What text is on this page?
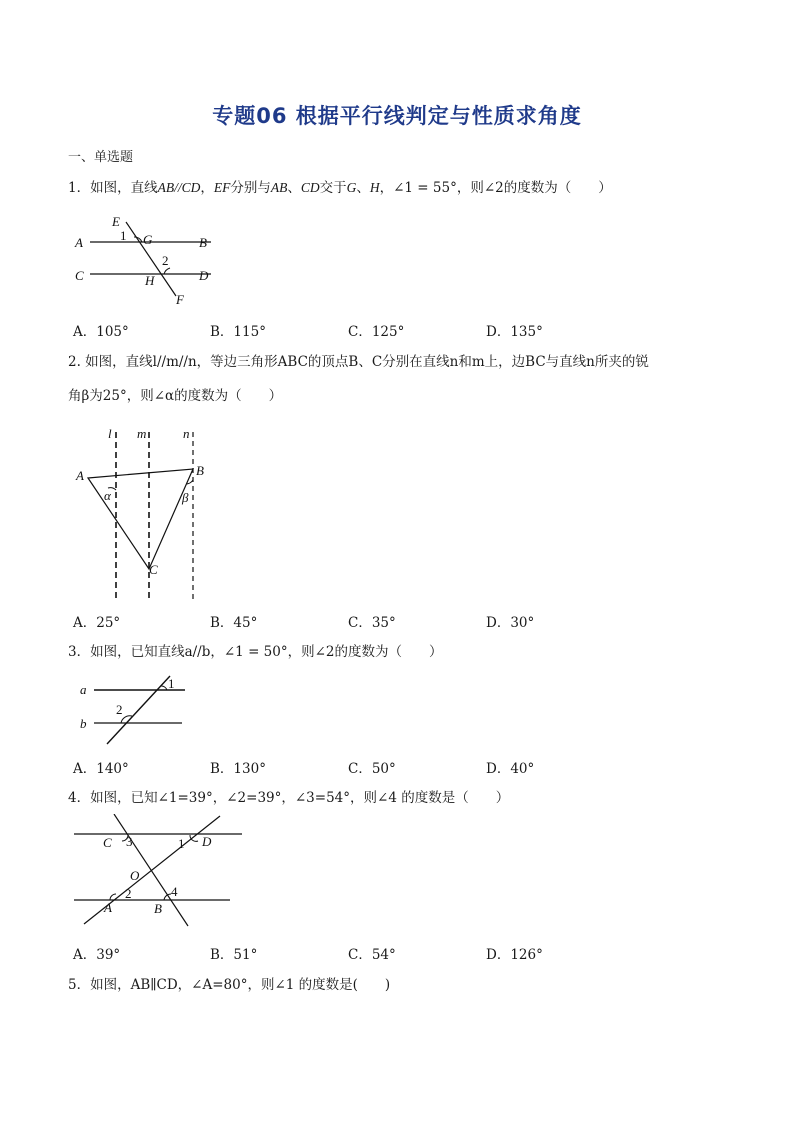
专题06 根据平行线判定与性质求角度
一、单选题
1．如图，直线AB//CD，EF分别与AB、CD交于G、H，∠1 = 55°，则∠2的度数为（　　）
E
1 G
A	B
2
C	H	D
F
A．105°	B．115°	C．125°	D．135°
2. 如图，直线l//m//n，等边三角形ABC的顶点B、C分别在直线n和m上，边BC与直线n所夹的锐
角β为25°，则∠α的度数为（　　）
l m	n
A	B
C
α	β
A．25°	B．45°	C．35°	D．30°
3．如图，已知直线a//b，∠1 = 50°，则∠2的度数为（　　）
a
b
1
2
A．140°	B．130°	C．50°	D．40°
4．如图，已知∠1=39°，∠2=39°，∠3=54°，则∠4 的度数是（　　）
C 3	1 D
O
2	4
A	B
A．39°	B．51°	C．54°	D．126°
5．如图，AB∥CD，∠A=80°，则∠1 的度数是(　　)
